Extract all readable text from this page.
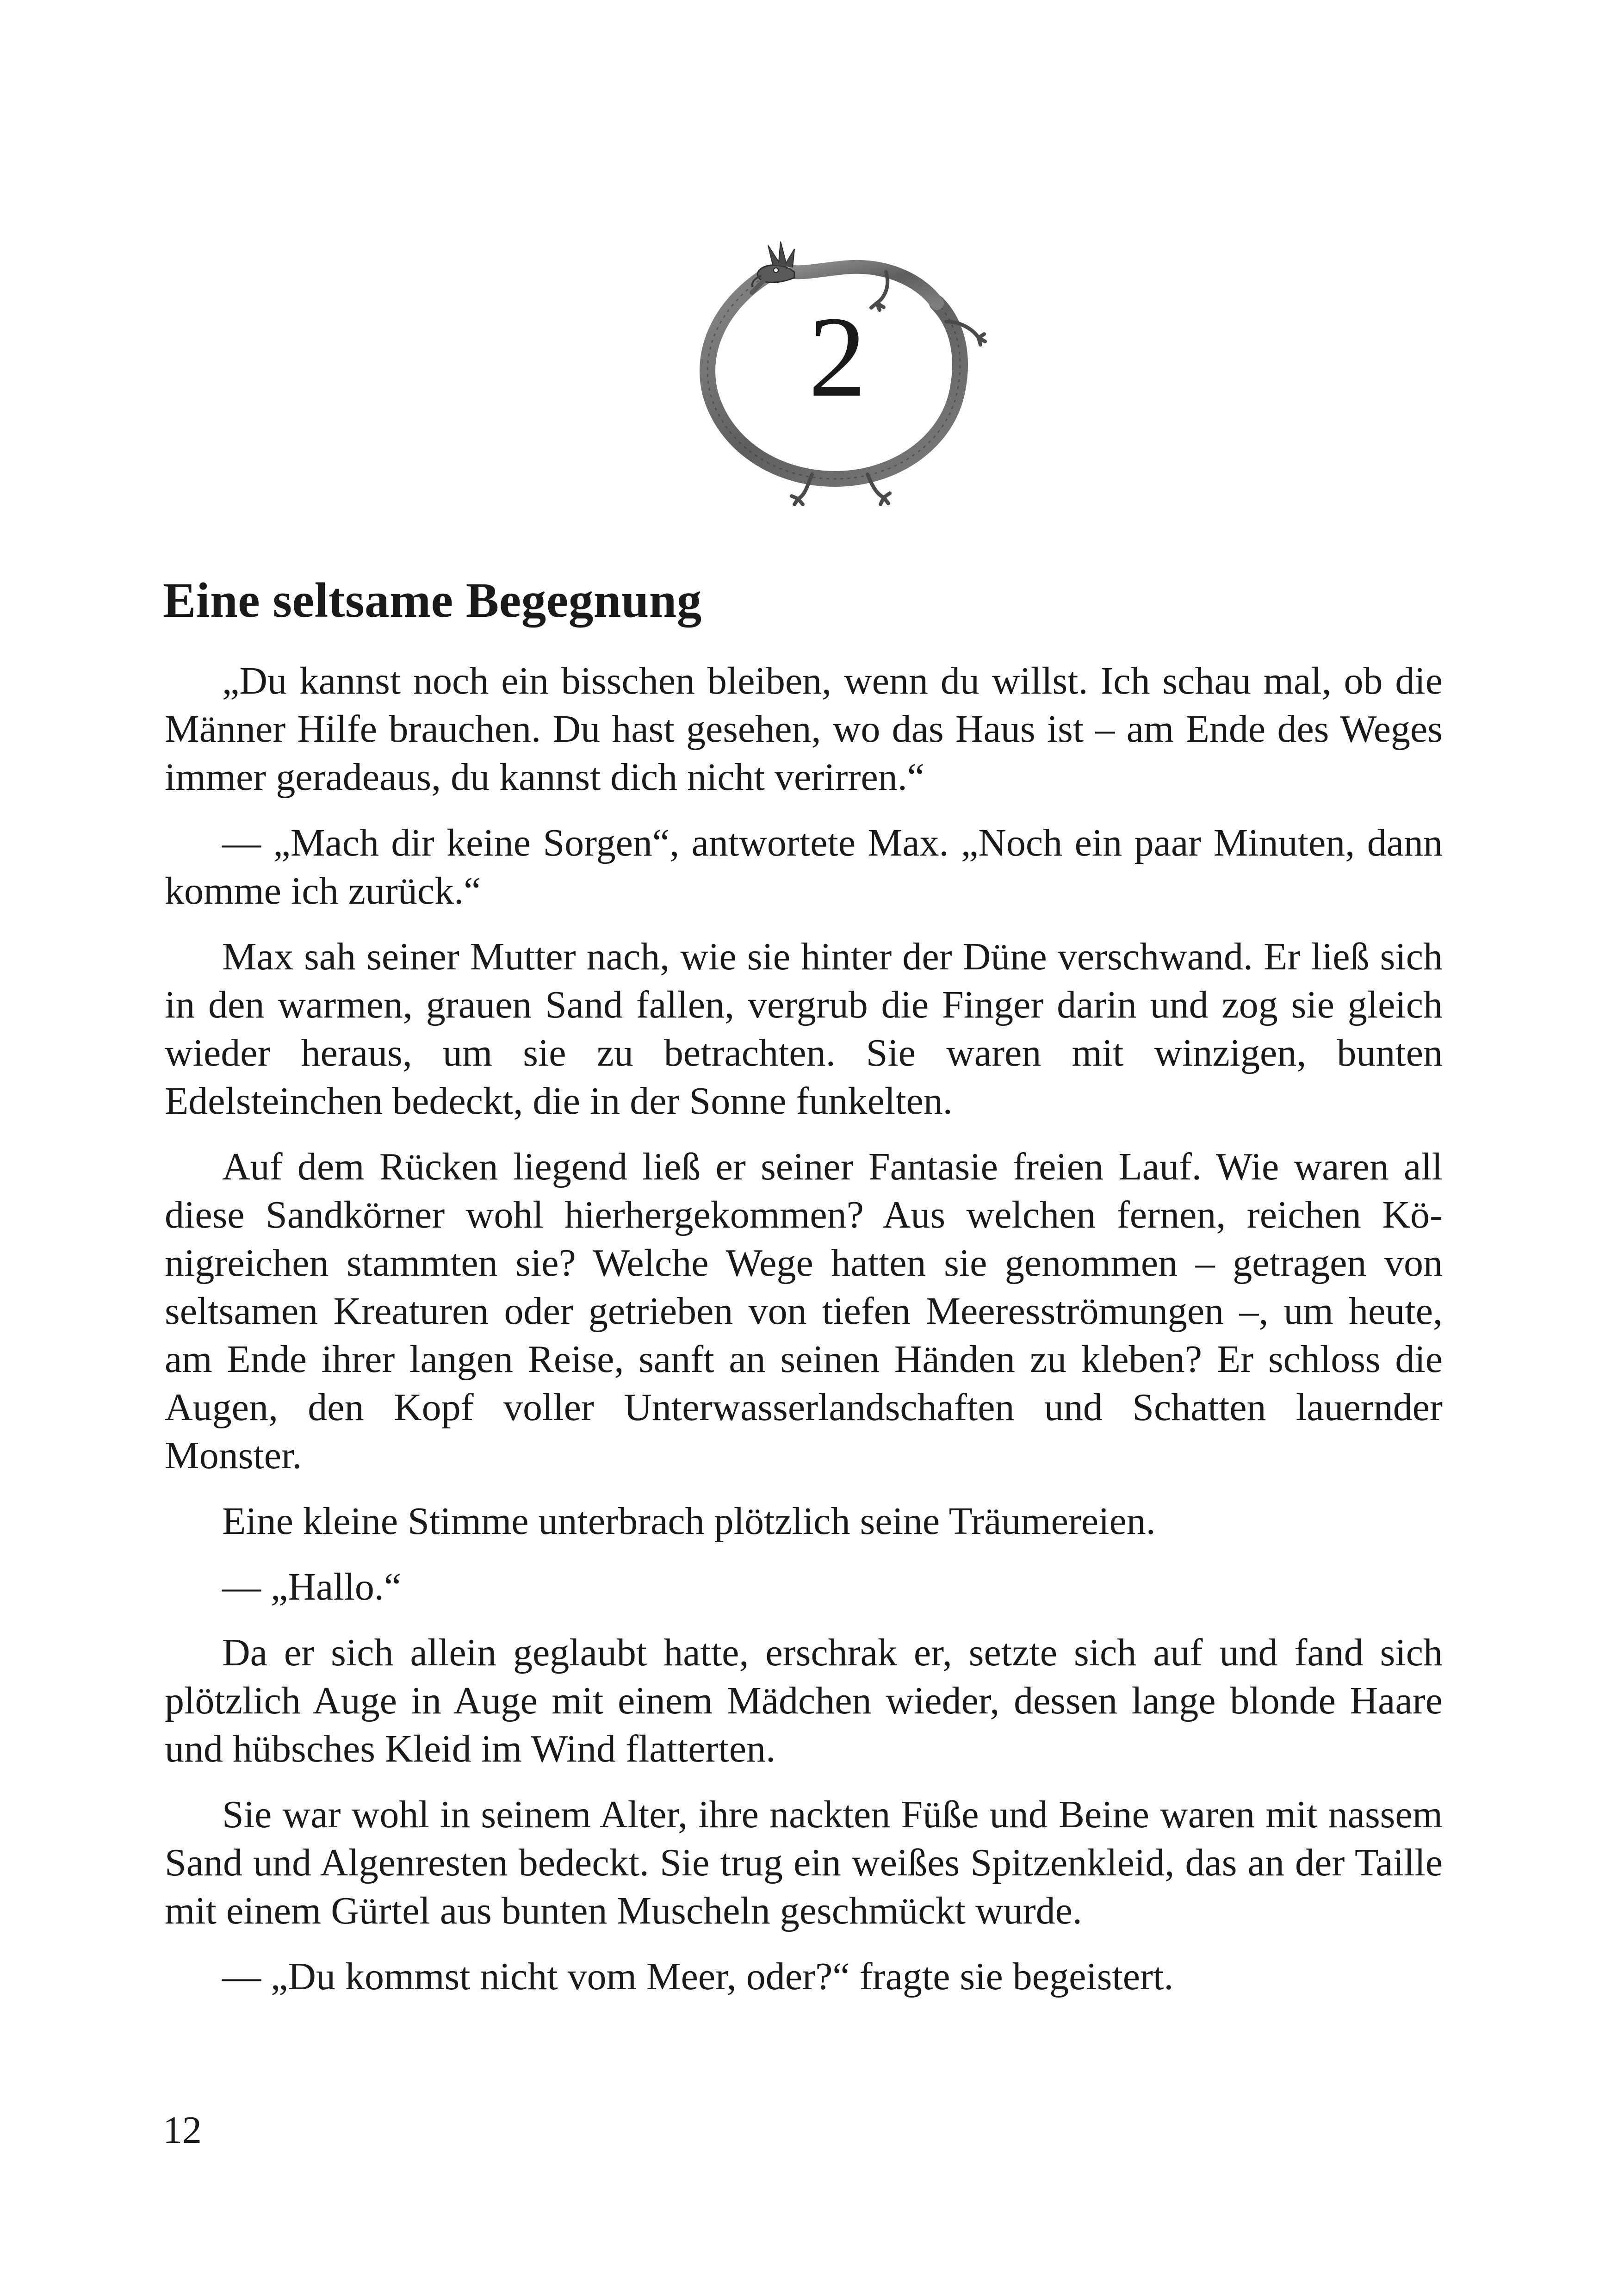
2
Eine seltsame Begegnung

„Du kannst noch ein bisschen bleiben, wenn du willst. Ich schau mal, ob die Männer Hilfe brauchen. Du hast gesehen, wo das Haus ist – am Ende des Weges immer geradeaus, du kannst dich nicht verirren.“

— „Mach dir keine Sorgen“, antwortete Max. „Noch ein paar Minuten, dann komme ich zurück.“

Max sah seiner Mutter nach, wie sie hinter der Düne verschwand. Er ließ sich in den warmen, grauen Sand fallen, vergrub die Finger darin und zog sie gleich wieder heraus, um sie zu betrachten. Sie waren mit winzigen, bunten Edelsteinchen bedeckt, die in der Sonne funkelten.

Auf dem Rücken liegend ließ er seiner Fantasie freien Lauf. Wie waren all diese Sandkörner wohl hierhergekommen? Aus welchen fernen, reichen Königreichen stammten sie? Welche Wege hatten sie genommen – getragen von seltsamen Kreaturen oder getrieben von tiefen Meeresströmungen –, um heute, am Ende ihrer langen Reise, sanft an seinen Händen zu kleben? Er schloss die Augen, den Kopf voller Unterwasserlandschaften und Schatten lauernder Monster.

Eine kleine Stimme unterbrach plötzlich seine Träumereien.

— „Hallo.“

Da er sich allein geglaubt hatte, erschrak er, setzte sich auf und fand sich plötzlich Auge in Auge mit einem Mädchen wieder, dessen lange blonde Haare und hübsches Kleid im Wind flatterten.

Sie war wohl in seinem Alter, ihre nackten Füße und Beine waren mit nassem Sand und Algenresten bedeckt. Sie trug ein weißes Spitzenkleid, das an der Taille mit einem Gürtel aus bunten Muscheln geschmückt wurde.

— „Du kommst nicht vom Meer, oder?“ fragte sie begeistert.

12
